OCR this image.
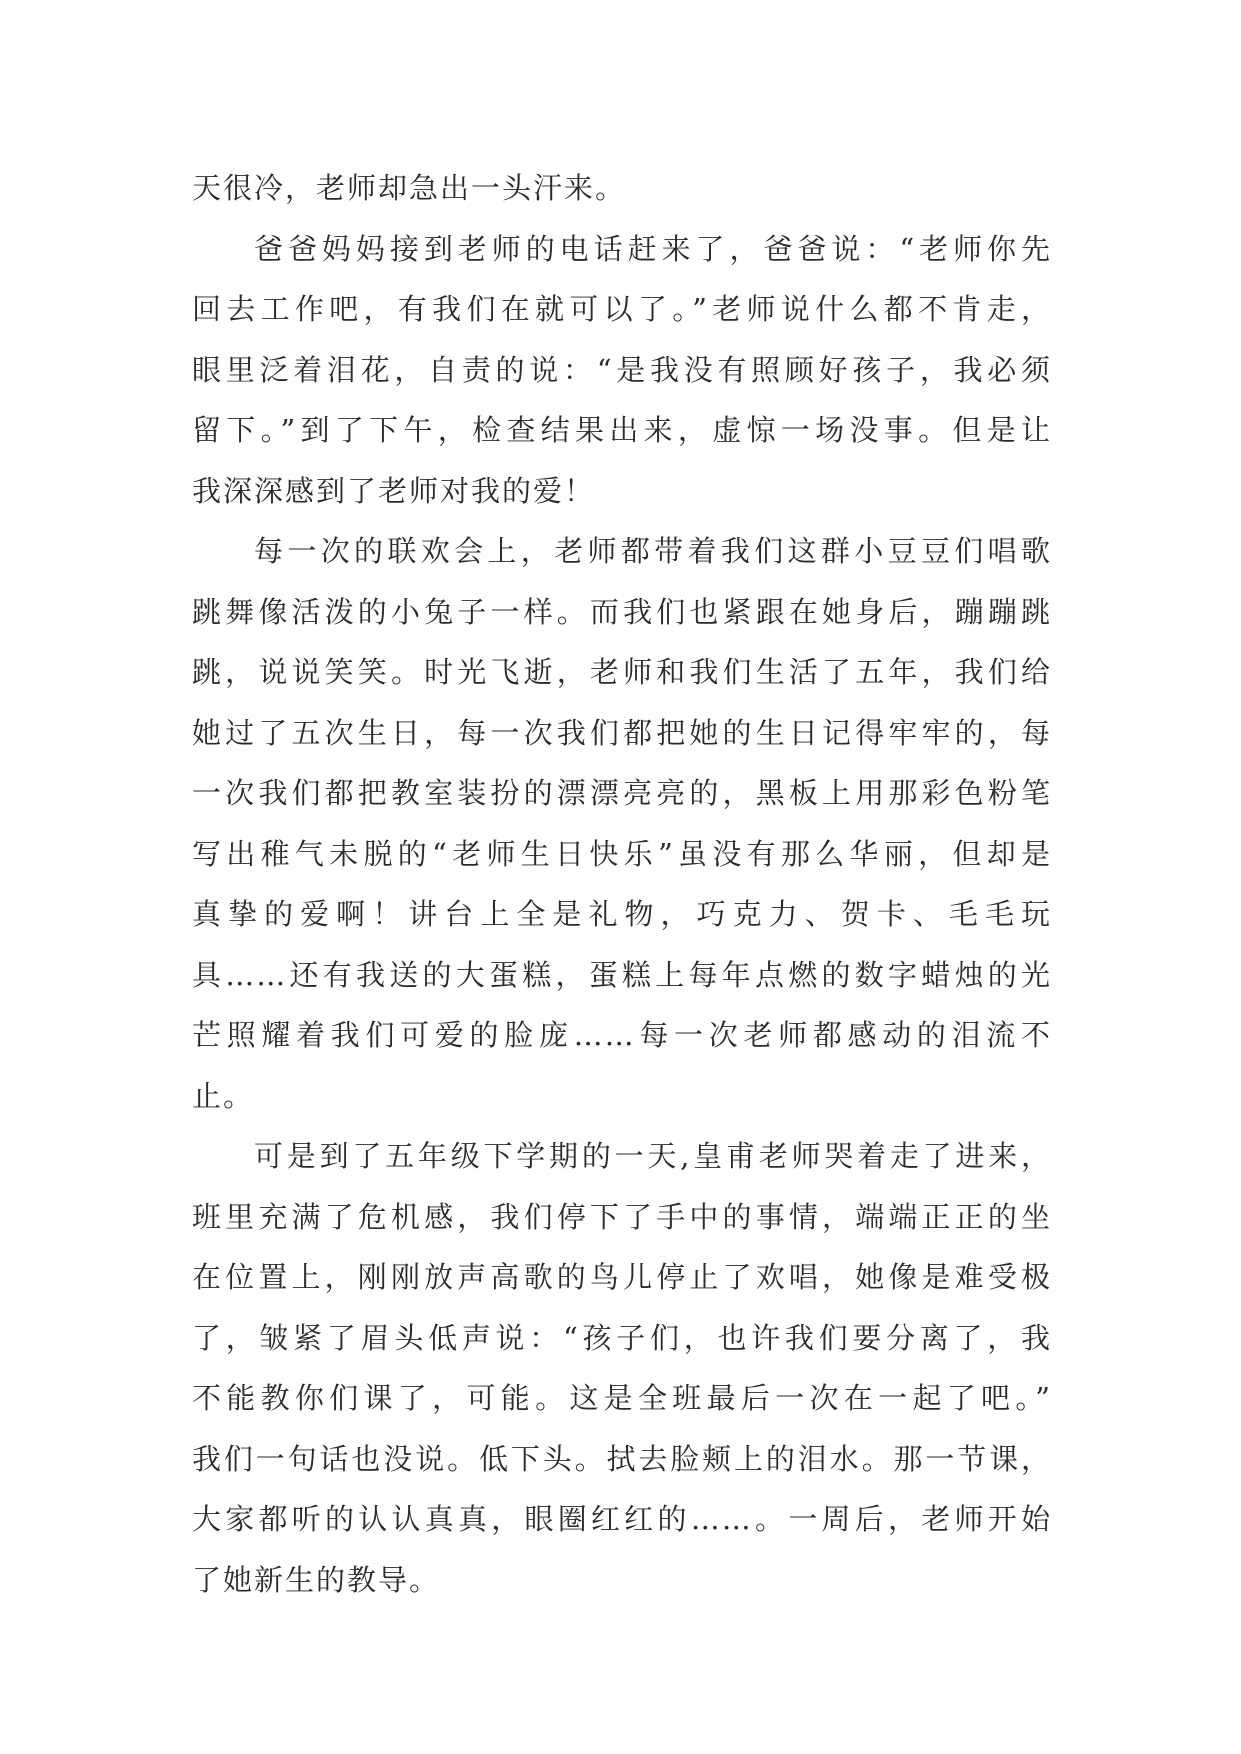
天很冷，老师却急出一头汗来。
爸爸妈妈接到老师的电话赶来了，爸爸说：“老师你先
回去工作吧，有我们在就可以了。”老师说什么都不肯走，
眼里泛着泪花，自责的说：“是我没有照顾好孩子，我必须
留下。”到了下午，检查结果出来，虚惊一场没事。但是让
我深深感到了老师对我的爱！
每一次的联欢会上，老师都带着我们这群小豆豆们唱歌
跳舞像活泼的小兔子一样。而我们也紧跟在她身后，蹦蹦跳
跳，说说笑笑。时光飞逝，老师和我们生活了五年，我们给
她过了五次生日，每一次我们都把她的生日记得牢牢的，每
一次我们都把教室装扮的漂漂亮亮的，黑板上用那彩色粉笔
写出稚气未脱的“老师生日快乐”虽没有那么华丽，但却是
真挚的爱啊！讲台上全是礼物，巧克力、贺卡、毛毛玩
具……还有我送的大蛋糕，蛋糕上每年点燃的数字蜡烛的光
芒照耀着我们可爱的脸庞……每一次老师都感动的泪流不
止。
可是到了五年级下学期的一天,皇甫老师哭着走了进来，
班里充满了危机感，我们停下了手中的事情，端端正正的坐
在位置上，刚刚放声高歌的鸟儿停止了欢唱，她像是难受极
了，皱紧了眉头低声说：“孩子们，也许我们要分离了，我
不能教你们课了，可能。这是全班最后一次在一起了吧。”
我们一句话也没说。低下头。拭去脸颊上的泪水。那一节课，
大家都听的认认真真，眼圈红红的……。一周后，老师开始
了她新生的教导。
